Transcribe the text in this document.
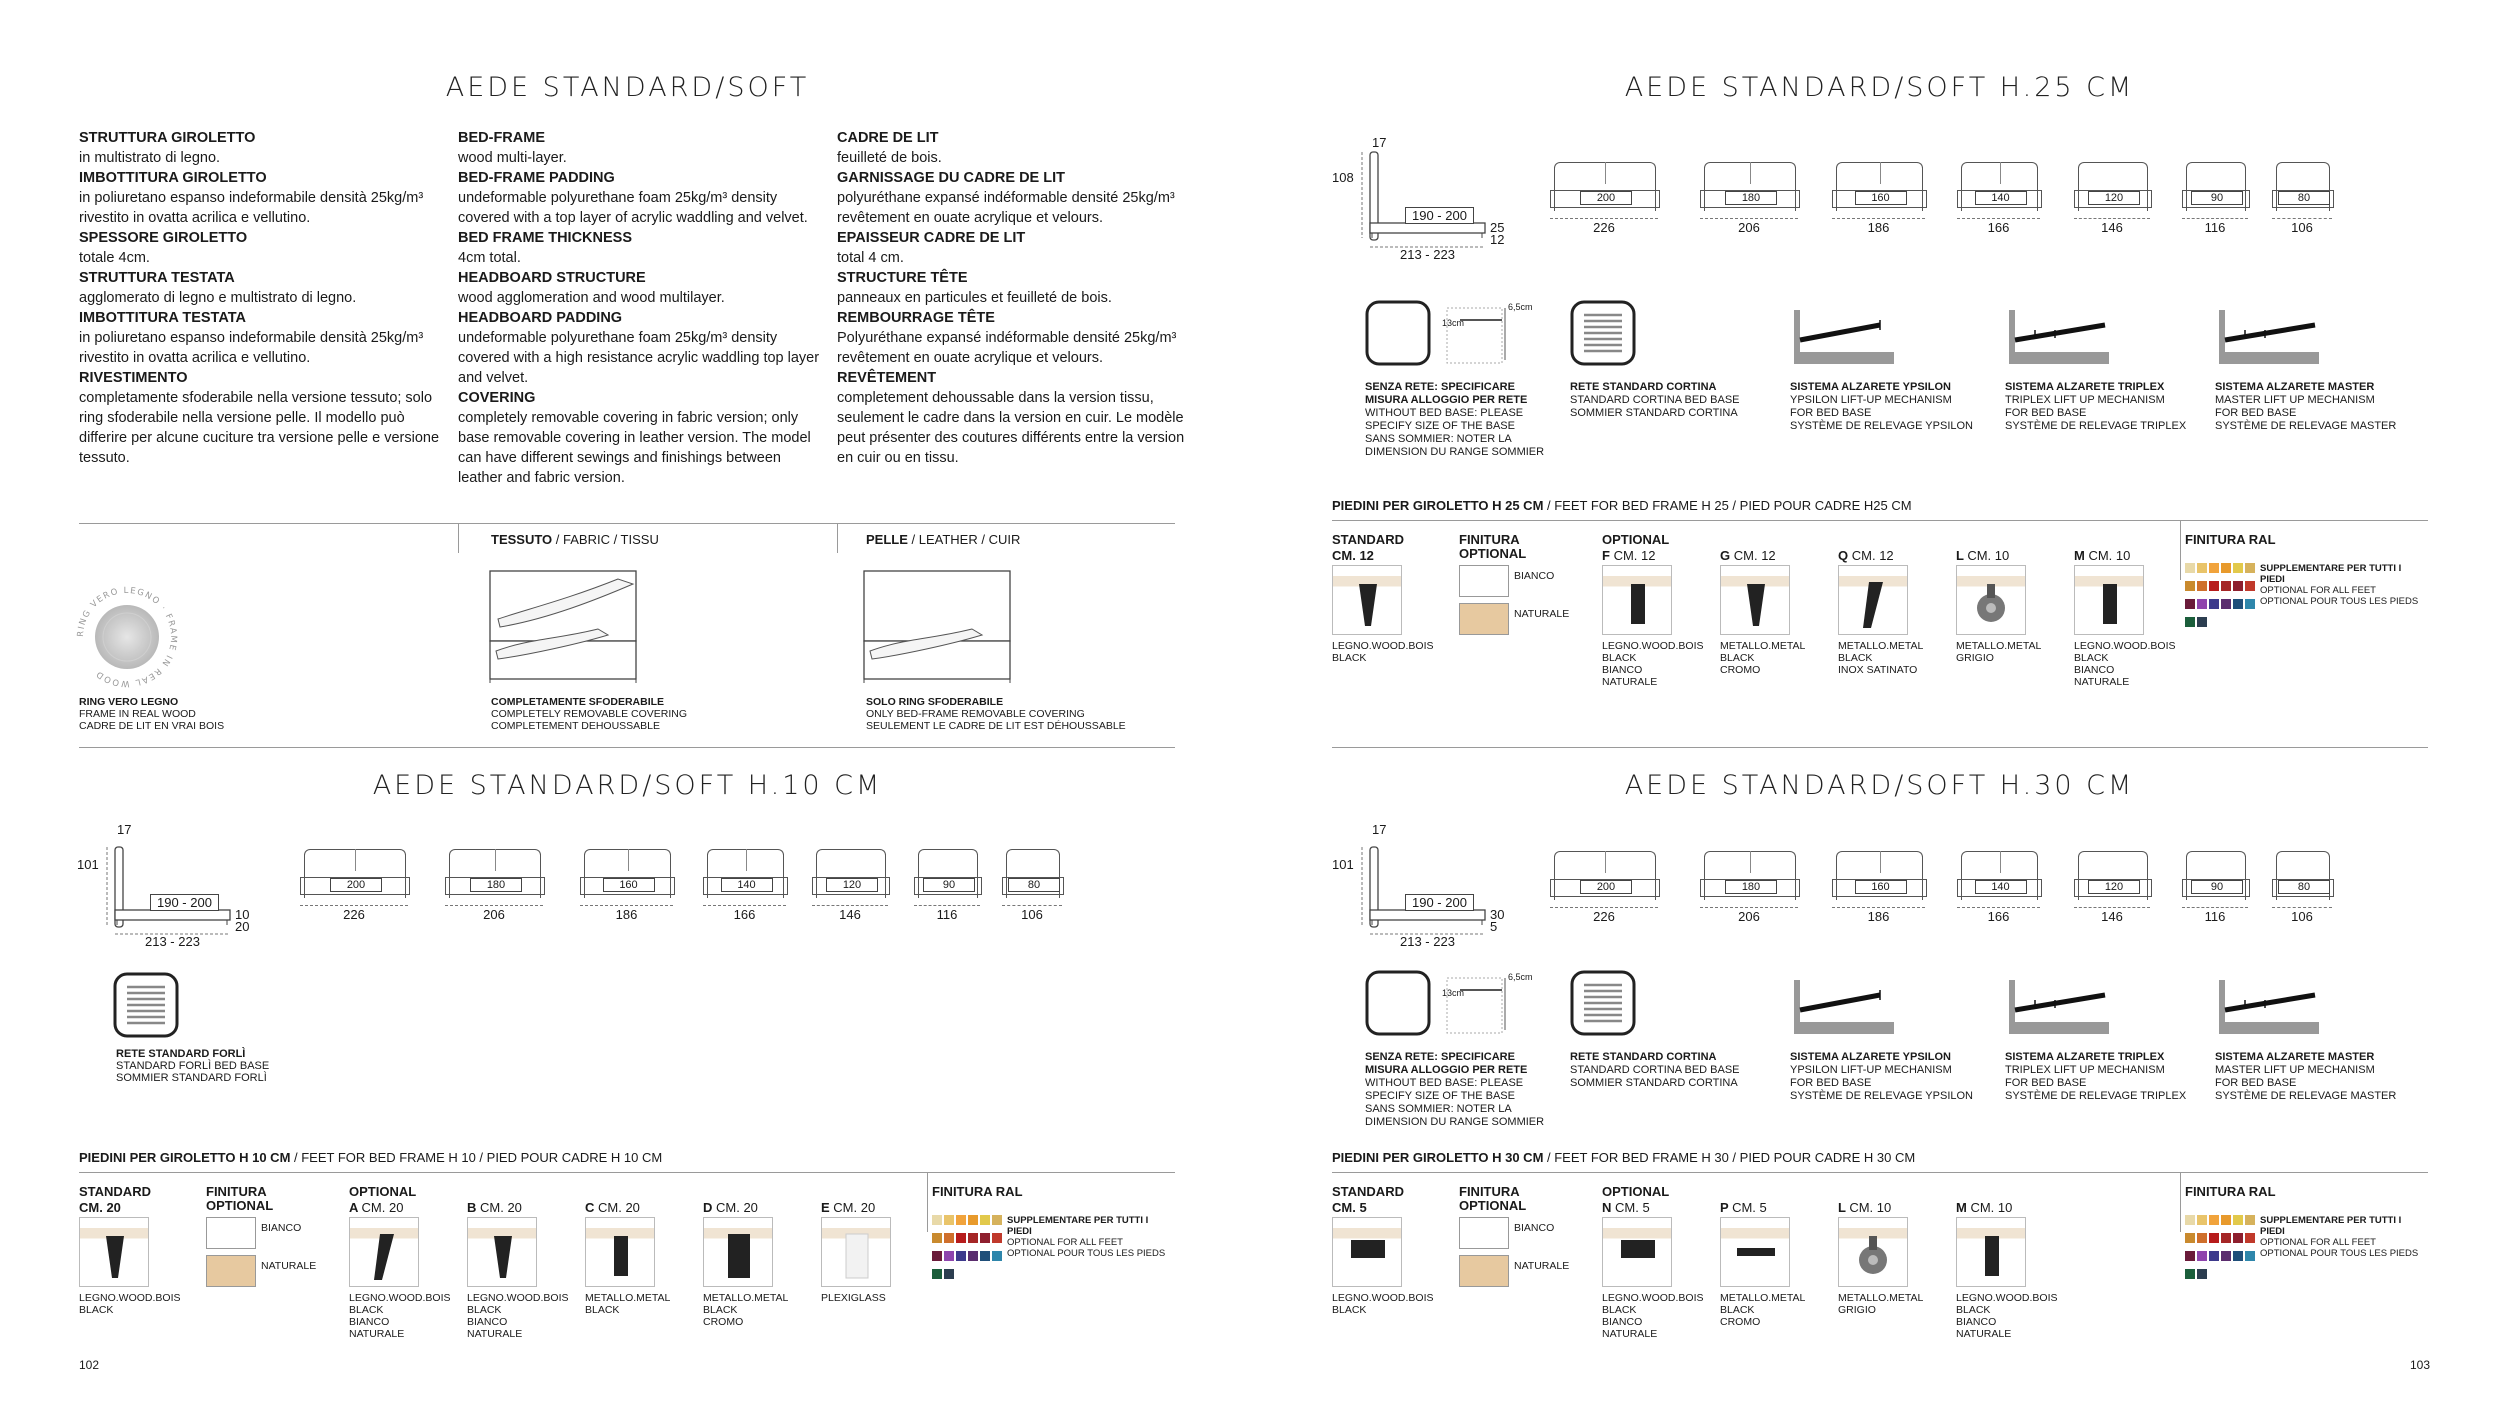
AEDE STANDARD/SOFT
STRUTTURA GIROLETTO
in multistrato di legno.
IMBOTTITURA GIROLETTO
in poliuretano espanso indeformabile densità 25kg/m³ rivestito in ovatta acrilica e vellutino.
SPESSORE GIROLETTO
totale 4cm.
STRUTTURA TESTATA
agglomerato di legno e multistrato di legno.
IMBOTTITURA TESTATA
in poliuretano espanso indeformabile densità 25kg/m³ rivestito in ovatta acrilica e vellutino.
RIVESTIMENTO
completamente sfoderabile nella versione tessuto; solo ring sfoderabile nella versione pelle. Il modello può differire per alcune cuciture tra versione pelle e versione tessuto.
BED-FRAME
wood multi-layer.
BED-FRAME PADDING
undeformable polyurethane foam 25kg/m³ density covered with a top layer of acrylic waddling and velvet.
BED FRAME THICKNESS
4cm total.
HEADBOARD STRUCTURE
wood agglomeration and wood multilayer.
HEADBOARD PADDING
undeformable polyurethane foam 25kg/m³ density covered with a high resistance acrylic waddling top layer and velvet.
COVERING
completely removable covering in fabric version; only base removable covering in leather version. The model can have different sewings and finishings between leather and fabric version.
CADRE DE LIT
feuilleté de bois.
GARNISSAGE DU CADRE DE LIT
polyuréthane expansé indéformable densité 25kg/m³ revêtement en ouate acrylique et velours.
EPAISSEUR CADRE DE LIT
total 4 cm.
STRUCTURE TÊTE
panneaux en particules et feuilleté de bois.
REMBOURRAGE TÊTE
Polyuréthane expansé indéformable densité 25kg/m³ revêtement en ouate acrylique et velours.
REVÊTEMENT
completement dehoussable dans la version tissu, seulement le cadre dans la version en cuir. Le modèle peut présenter des coutures différents entre la version en cuir ou en tissu.
TESSUTO / FABRIC / TISSU	PELLE / LEATHER / CUIR
RING VERO LEGNO · FRAME IN REAL WOOD
RING VERO LEGNO
FRAME IN REAL WOOD
CADRE DE LIT EN VRAI BOIS
COMPLETAMENTE SFODERABILE
COMPLETELY REMOVABLE COVERING
COMPLETEMENT DEHOUSSABLE
SOLO RING SFODERABILE
ONLY BED-FRAME REMOVABLE COVERING
SEULEMENT LE CADRE DE LIT EST DÉHOUSSABLE
AEDE STANDARD/SOFT H.10 CM
17
101
190 - 200
10
20
213 - 223
200
226
180
206
160
186
140
166
120
146
90
116
80
106
RETE STANDARD FORLÌ
STANDARD FORLÌ BED BASE
SOMMIER STANDARD FORLÌ
PIEDINI PER GIROLETTO H 10 CM / FEET FOR BED FRAME H 10 / PIED POUR CADRE H 10 CM
STANDARD
CM. 20
LEGNO.WOOD.BOIS
BLACK
FINITURA
OPTIONAL
BIANCO
NATURALE
OPTIONAL
A CM. 20
LEGNO.WOOD.BOIS
BLACK
BIANCO
NATURALE
B CM. 20
LEGNO.WOOD.BOIS
BLACK
BIANCO
NATURALE
C CM. 20
METALLO.METAL
BLACK
D CM. 20
METALLO.METAL
BLACK
CROMO
E CM. 20
PLEXIGLASS
FINITURA RAL
SUPPLEMENTARE PER TUTTI I PIEDI
OPTIONAL FOR ALL FEET
OPTIONAL POUR TOUS LES PIEDS
102
AEDE STANDARD/SOFT H.25 CM
17
108
190 - 200
25
12
213 - 223
200
226
180
206
160
186
140
166
120
146
90
116
80
106
SENZA RETE: SPECIFICARE
MISURA ALLOGGIO PER RETE
WITHOUT BED BASE: PLEASE
SPECIFY SIZE OF THE BASE
SANS SOMMIER: NOTER LA
DIMENSION DU RANGE SOMMIER
13cm
6,5cm
RETE STANDARD CORTINA
STANDARD CORTINA BED BASE
SOMMIER STANDARD CORTINA
SISTEMA ALZARETE YPSILON
YPSILON LIFT-UP MECHANISM
FOR BED BASE
SYSTÈME DE RELEVAGE YPSILON
SISTEMA ALZARETE TRIPLEX
TRIPLEX LIFT UP MECHANISM
FOR BED BASE
SYSTÈME DE RELEVAGE TRIPLEX
SISTEMA ALZARETE MASTER
MASTER LIFT UP MECHANISM
FOR BED BASE
SYSTÈME DE RELEVAGE MASTER
PIEDINI PER GIROLETTO H 25 CM / FEET FOR BED FRAME H 25 / PIED POUR CADRE H25 CM
STANDARD
CM. 12
LEGNO.WOOD.BOIS
BLACK
FINITURA
OPTIONAL
BIANCO
NATURALE
OPTIONAL
F CM. 12
LEGNO.WOOD.BOIS
BLACK
BIANCO
NATURALE
G CM. 12
METALLO.METAL
BLACK
CROMO
Q CM. 12
METALLO.METAL
BLACK
INOX SATINATO
L CM. 10
METALLO.METAL
GRIGIO
M CM. 10
LEGNO.WOOD.BOIS
BLACK
BIANCO
NATURALE
FINITURA RAL
SUPPLEMENTARE PER TUTTI I PIEDI
OPTIONAL FOR ALL FEET
OPTIONAL POUR TOUS LES PIEDS
AEDE STANDARD/SOFT H.30 CM
17
101
190 - 200
30
5
213 - 223
200
226
180
206
160
186
140
166
120
146
90
116
80
106
SENZA RETE: SPECIFICARE
MISURA ALLOGGIO PER RETE
WITHOUT BED BASE: PLEASE
SPECIFY SIZE OF THE BASE
SANS SOMMIER: NOTER LA
DIMENSION DU RANGE SOMMIER
13cm
6,5cm
RETE STANDARD CORTINA
STANDARD CORTINA BED BASE
SOMMIER STANDARD CORTINA
SISTEMA ALZARETE YPSILON
YPSILON LIFT-UP MECHANISM
FOR BED BASE
SYSTÈME DE RELEVAGE YPSILON
SISTEMA ALZARETE TRIPLEX
TRIPLEX LIFT UP MECHANISM
FOR BED BASE
SYSTÈME DE RELEVAGE TRIPLEX
SISTEMA ALZARETE MASTER
MASTER LIFT UP MECHANISM
FOR BED BASE
SYSTÈME DE RELEVAGE MASTER
PIEDINI PER GIROLETTO H 30 CM / FEET FOR BED FRAME H 30 / PIED POUR CADRE H 30 CM
STANDARD
CM. 5
LEGNO.WOOD.BOIS
BLACK
FINITURA
OPTIONAL
BIANCO
NATURALE
OPTIONAL
N CM. 5
LEGNO.WOOD.BOIS
BLACK
BIANCO
NATURALE
P CM. 5
METALLO.METAL
BLACK
CROMO
L CM. 10
METALLO.METAL
GRIGIO
M CM. 10
LEGNO.WOOD.BOIS
BLACK
BIANCO
NATURALE
FINITURA RAL
SUPPLEMENTARE PER TUTTI I PIEDI
OPTIONAL FOR ALL FEET
OPTIONAL POUR TOUS LES PIEDS
103
